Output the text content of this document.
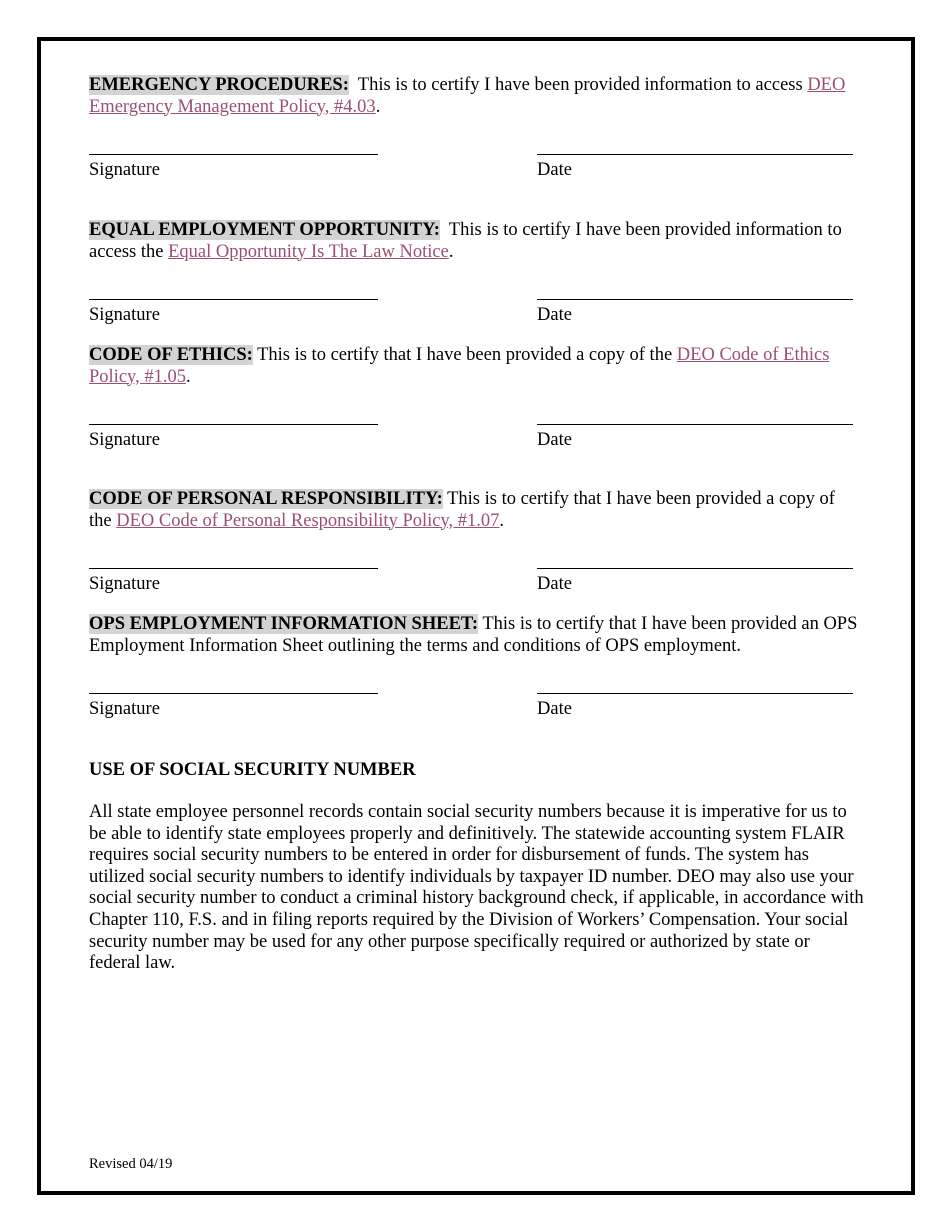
EMERGENCY PROCEDURES:  This is to certify I have been provided information to access DEO Emergency Management Policy, #4.03.
Signature	Date
EQUAL EMPLOYMENT OPPORTUNITY:  This is to certify I have been provided information to access the Equal Opportunity Is The Law Notice.
Signature	Date
CODE OF ETHICS: This is to certify that I have been provided a copy of the DEO Code of Ethics Policy, #1.05.
Signature	Date
CODE OF PERSONAL RESPONSIBILITY: This is to certify that I have been provided a copy of the DEO Code of Personal Responsibility Policy, #1.07.
Signature	Date
OPS EMPLOYMENT INFORMATION SHEET: This is to certify that I have been provided an OPS Employment Information Sheet outlining the terms and conditions of OPS employment.
Signature	Date
USE OF SOCIAL SECURITY NUMBER
All state employee personnel records contain social security numbers because it is imperative for us to be able to identify state employees properly and definitively. The statewide accounting system FLAIR requires social security numbers to be entered in order for disbursement of funds. The system has utilized social security numbers to identify individuals by taxpayer ID number. DEO may also use your social security number to conduct a criminal history background check, if applicable, in accordance with Chapter 110, F.S. and in filing reports required by the Division of Workers’ Compensation. Your social security number may be used for any other purpose specifically required or authorized by state or federal law.
Revised 04/19
